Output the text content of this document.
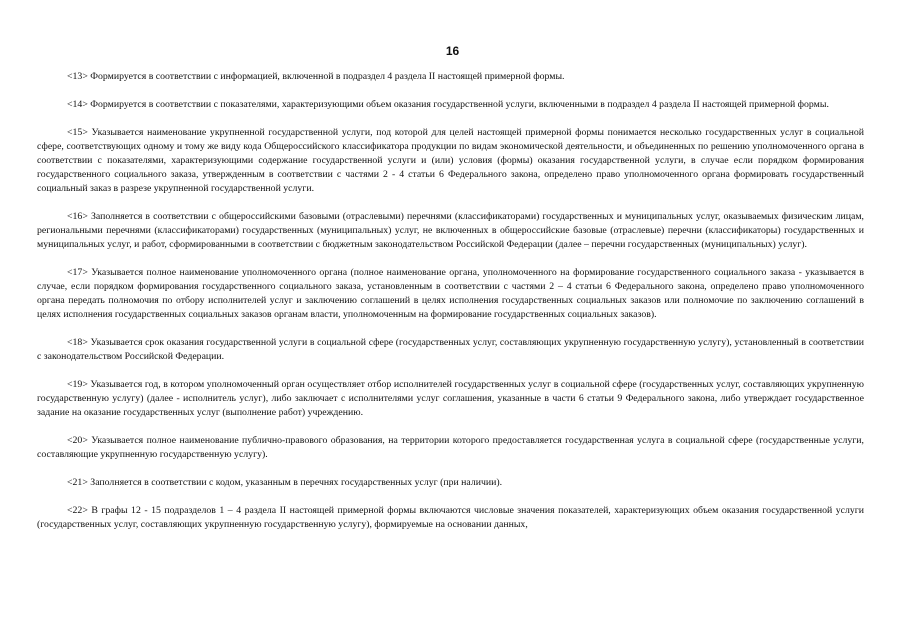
16

<13> Формируется в соответствии с информацией, включенной в подраздел 4 раздела II настоящей примерной формы.

<14> Формируется в соответствии с показателями, характеризующими объем оказания государственной услуги, включенными в подраздел 4 раздела II настоящей примерной формы.

<15> Указывается наименование укрупненной государственной услуги, под которой для целей настоящей примерной формы понимается несколько государственных услуг в социальной сфере, соответствующих одному и тому же виду кода Общероссийского классификатора продукции по видам экономической деятельности, и объединенных по решению уполномоченного органа в соответствии с показателями, характеризующими содержание государственной услуги и (или) условия (формы) оказания государственной услуги, в случае если порядком формирования государственного социального заказа, утвержденным в соответствии с частями 2 - 4 статьи 6 Федерального закона, определено право уполномоченного органа формировать государственный социальный заказ в разрезе укрупненной государственной услуги.

<16> Заполняется в соответствии с общероссийскими базовыми (отраслевыми) перечнями (классификаторами) государственных и муниципальных услуг, оказываемых физическим лицам, региональными перечнями (классификаторами) государственных (муниципальных) услуг, не включенных в общероссийские базовые (отраслевые) перечни (классификаторы) государственных и муниципальных услуг, и работ, сформированными в соответствии с бюджетным законодательством Российской Федерации (далее – перечни государственных (муниципальных) услуг).

<17> Указывается полное наименование уполномоченного органа (полное наименование органа, уполномоченного на формирование государственного социального заказа - указывается в случае, если порядком формирования государственного социального заказа, установленным в соответствии с частями 2 – 4 статьи 6 Федерального закона, определено право уполномоченного органа передать полномочия по отбору исполнителей услуг и заключению соглашений в целях исполнения государственных социальных заказов или полномочие по заключению соглашений в целях исполнения государственных социальных заказов органам власти, уполномоченным на формирование государственных социальных заказов).

<18> Указывается срок оказания государственной услуги в социальной сфере (государственных услуг, составляющих укрупненную государственную услугу), установленный в соответствии с законодательством Российской Федерации.

<19> Указывается год, в котором уполномоченный орган осуществляет отбор исполнителей государственных услуг в социальной сфере (государственных услуг, составляющих укрупненную государственную услугу) (далее - исполнитель услуг), либо заключает с исполнителями услуг соглашения, указанные в части 6 статьи 9 Федерального закона, либо утверждает государственное задание на оказание государственных услуг (выполнение работ) учреждению.

<20> Указывается полное наименование публично-правового образования, на территории которого предоставляется государственная услуга в социальной сфере (государственные услуги, составляющие укрупненную государственную услугу).

<21> Заполняется в соответствии с кодом, указанным в перечнях государственных услуг (при наличии).

<22> В графы 12 - 15 подразделов 1 – 4 раздела II настоящей примерной формы включаются числовые значения показателей, характеризующих объем оказания государственной услуги (государственных услуг, составляющих укрупненную государственную услугу), формируемые на основании данных,
